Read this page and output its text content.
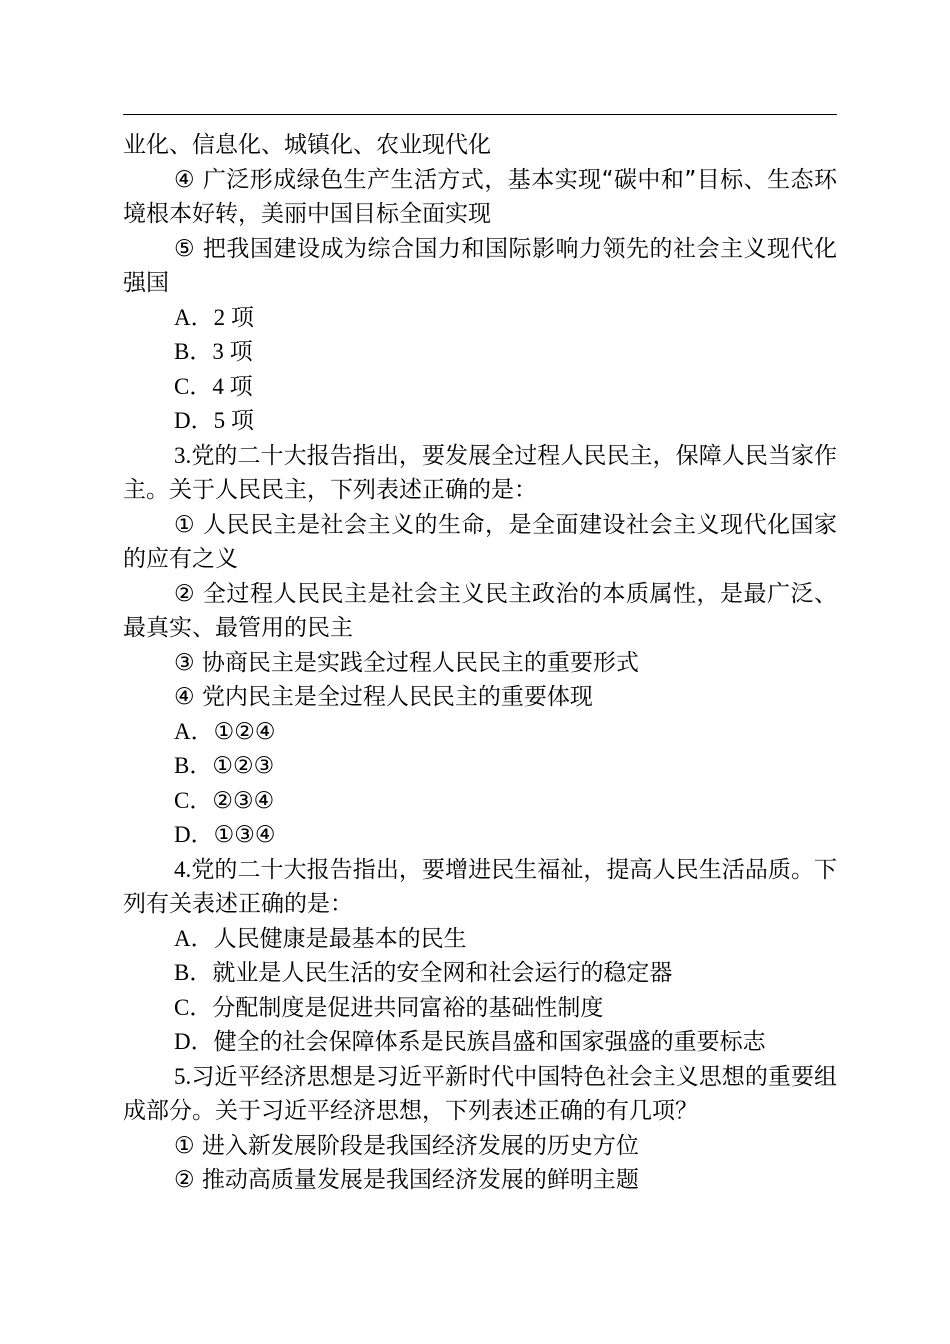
业化、信息化、城镇化、农业现代化

④ 广泛形成绿色生产生活方式，基本实现“碳中和”目标、生态环境根本好转，美丽中国目标全面实现

⑤ 把我国建设成为综合国力和国际影响力领先的社会主义现代化强国

A．2 项

B．3 项

C．4 项

D．5 项

3.党的二十大报告指出，要发展全过程人民民主，保障人民当家作主。关于人民民主，下列表述正确的是：

① 人民民主是社会主义的生命，是全面建设社会主义现代化国家的应有之义

② 全过程人民民主是社会主义民主政治的本质属性，是最广泛、最真实、最管用的民主

③ 协商民主是实践全过程人民民主的重要形式

④ 党内民主是全过程人民民主的重要体现

A．①②④

B．①②③

C．②③④

D．①③④

4.党的二十大报告指出，要增进民生福祉，提高人民生活品质。下列有关表述正确的是：

A．人民健康是最基本的民生

B．就业是人民生活的安全网和社会运行的稳定器

C．分配制度是促进共同富裕的基础性制度

D．健全的社会保障体系是民族昌盛和国家强盛的重要标志

5.习近平经济思想是习近平新时代中国特色社会主义思想的重要组成部分。关于习近平经济思想，下列表述正确的有几项？

① 进入新发展阶段是我国经济发展的历史方位

② 推动高质量发展是我国经济发展的鲜明主题
